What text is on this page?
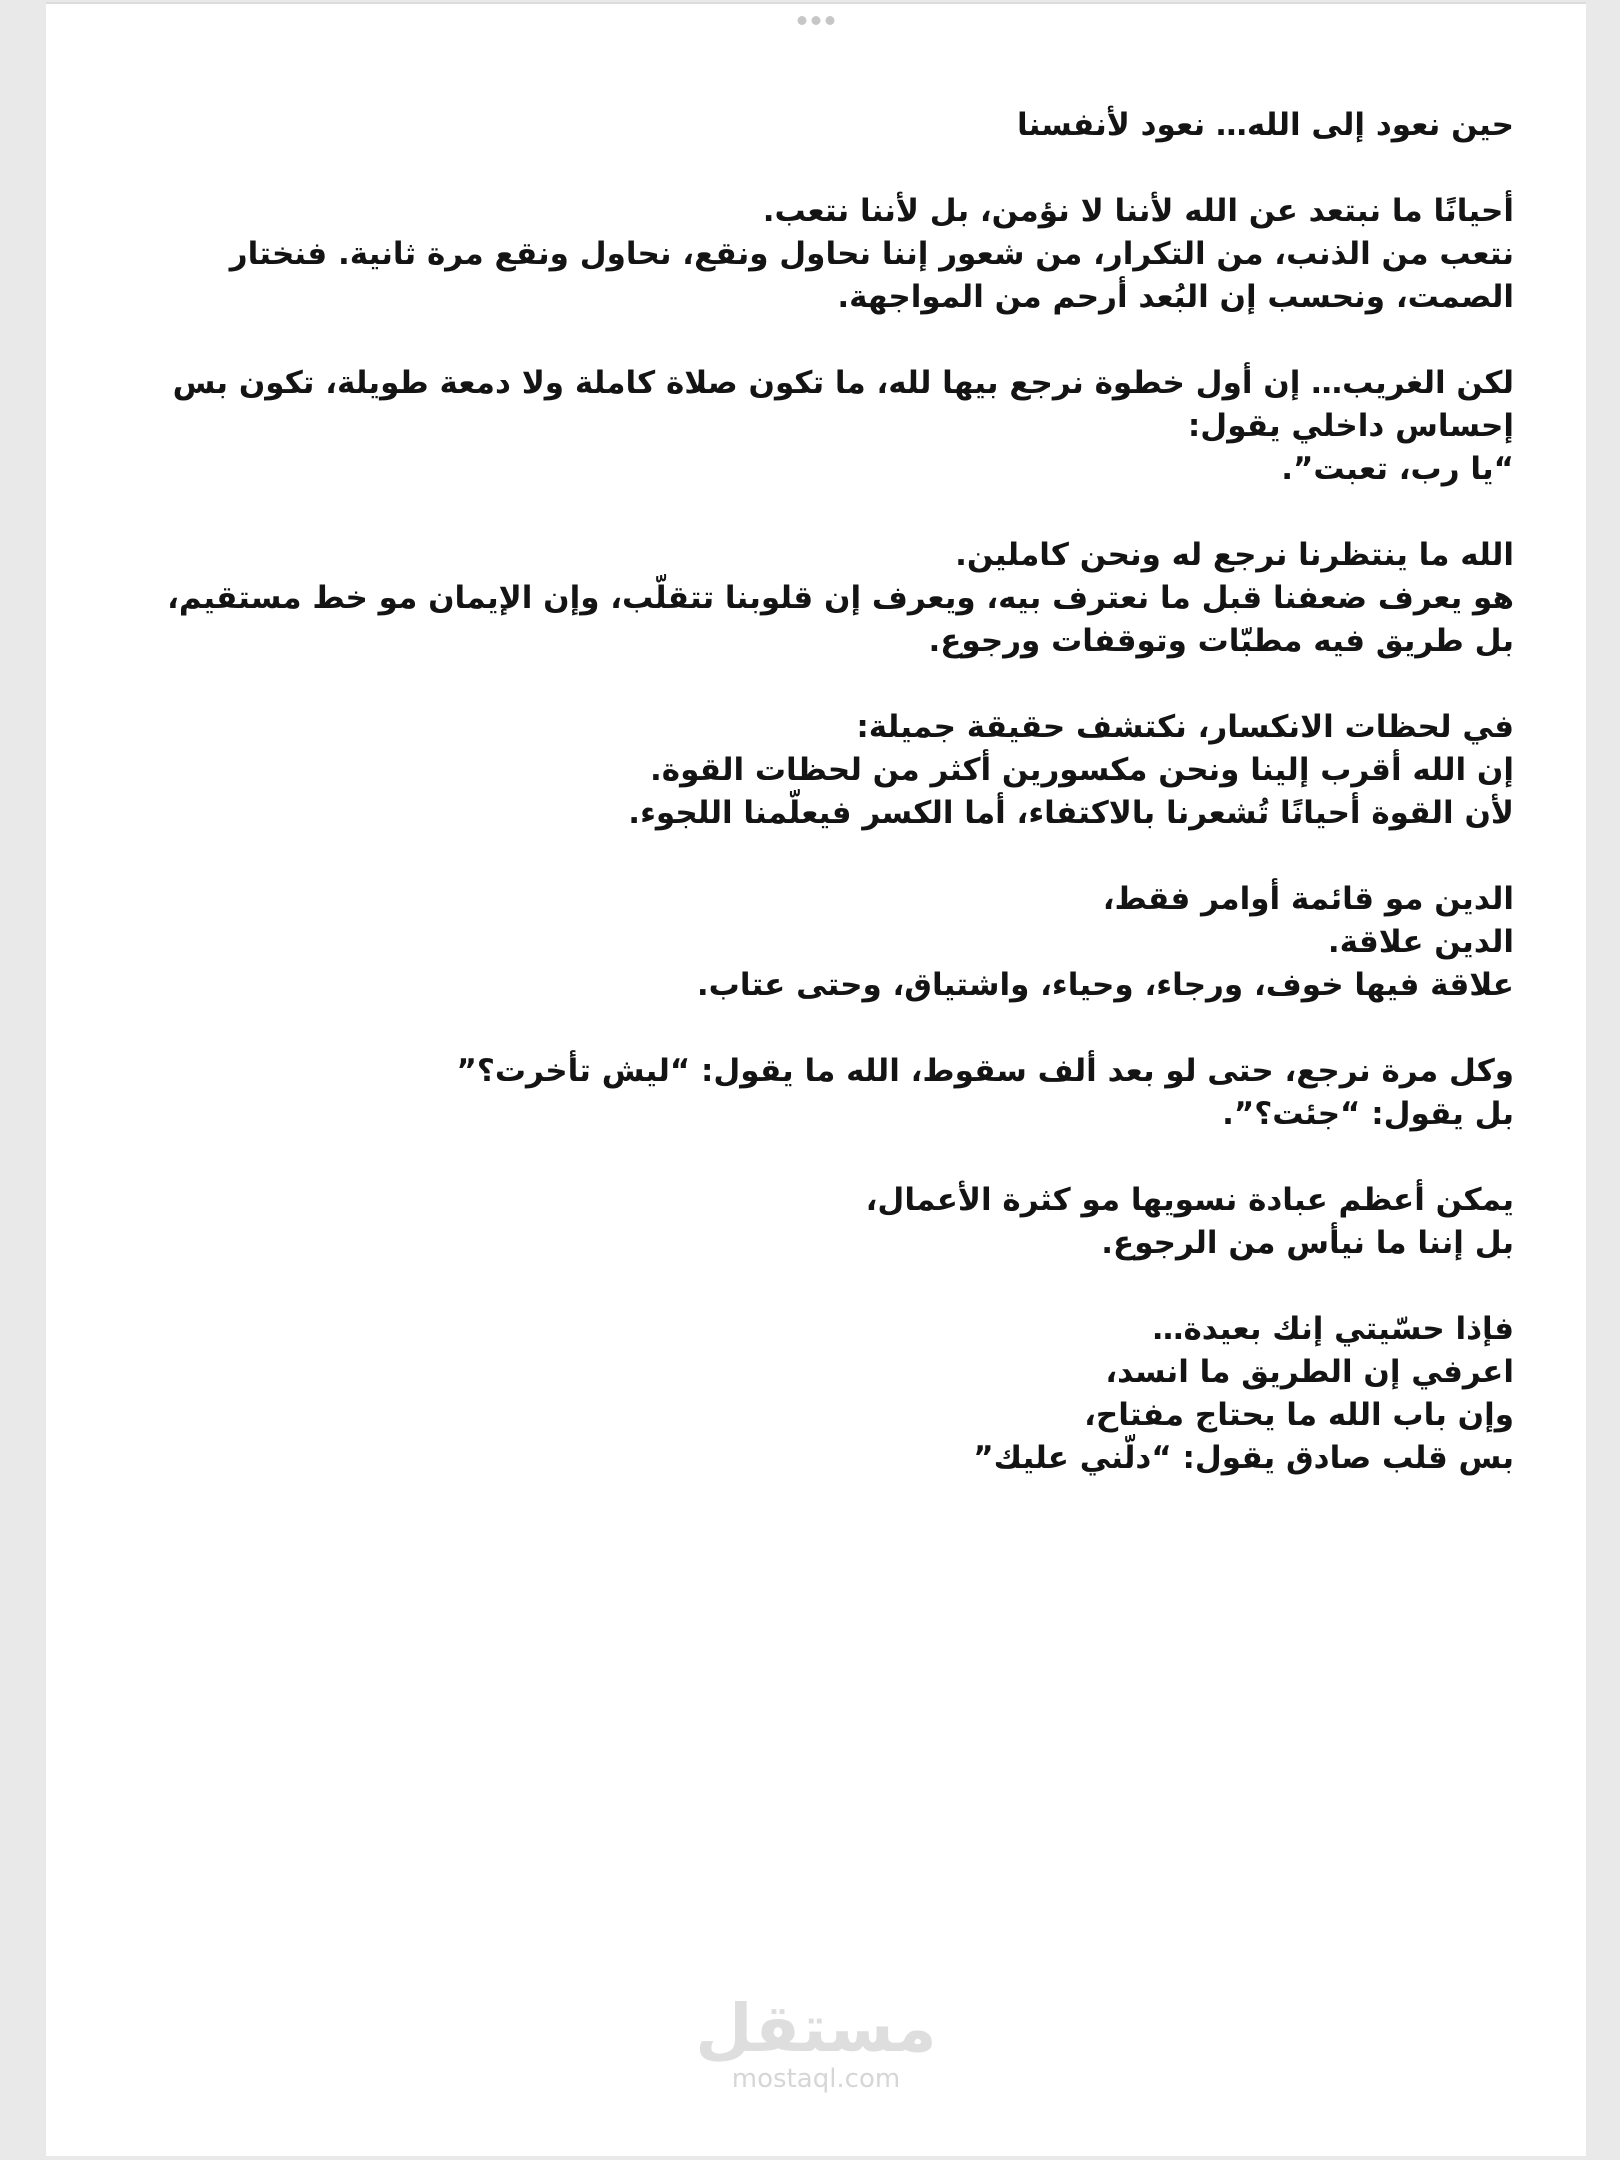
حين نعود إلى الله… نعود لأنفسنا

أحيانًا ما نبتعد عن الله لأننا لا نؤمن، بل لأننا نتعب.
نتعب من الذنب، من التكرار، من شعور إننا نحاول ونقع، نحاول ونقع مرة ثانية. فنختار الصمت، ونحسب إن البُعد أرحم من المواجهة.

لكن الغريب… إن أول خطوة نرجع بيها لله، ما تكون صلاة كاملة ولا دمعة طويلة، تكون بس إحساس داخلي يقول:
“يا رب، تعبت”.

الله ما ينتظرنا نرجع له ونحن كاملين.
هو يعرف ضعفنا قبل ما نعترف بيه، ويعرف إن قلوبنا تتقلّب، وإن الإيمان مو خط مستقيم، بل طريق فيه مطبّات وتوقفات ورجوع.

في لحظات الانكسار، نكتشف حقيقة جميلة:
إن الله أقرب إلينا ونحن مكسورين أكثر من لحظات القوة.
لأن القوة أحيانًا تُشعرنا بالاكتفاء، أما الكسر فيعلّمنا اللجوء.

الدين مو قائمة أوامر فقط،
الدين علاقة.
علاقة فيها خوف، ورجاء، وحياء، واشتياق، وحتى عتاب.

وكل مرة نرجع، حتى لو بعد ألف سقوط، الله ما يقول: “ليش تأخرت؟”
بل يقول: “جئت؟”.

يمكن أعظم عبادة نسويها مو كثرة الأعمال،
بل إننا ما نيأس من الرجوع.

فإذا حسّيتي إنك بعيدة…
اعرفي إن الطريق ما انسد،
وإن باب الله ما يحتاج مفتاح،
بس قلب صادق يقول: “دلّني عليك”

مستقل
mostaql.com
